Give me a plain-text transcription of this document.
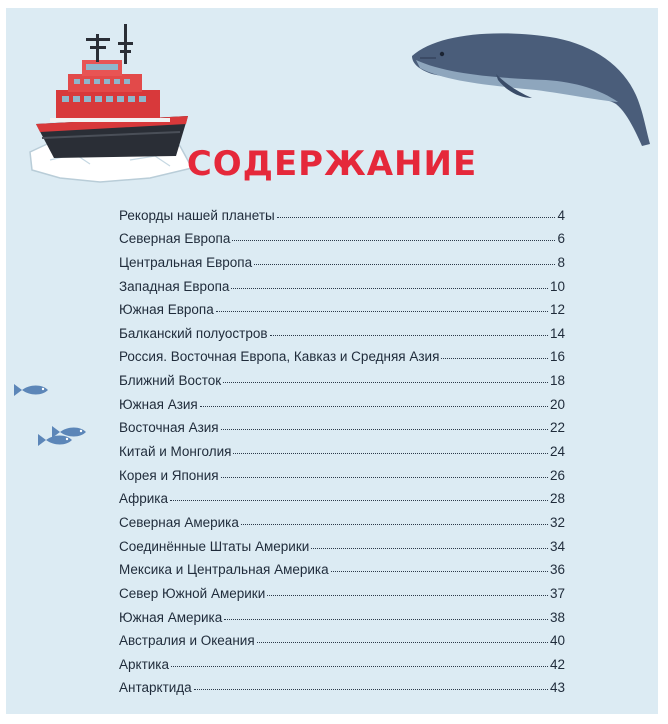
СОДЕРЖАНИЕ
Рекорды нашей планеты	4
Северная Европа	6
Центральная Европа	8
Западная Европа	10
Южная Европа	12
Балканский полуостров	14
Россия. Восточная Европа, Кавказ и Средняя Азия	16
Ближний Восток	18
Южная Азия	20
Восточная Азия	22
Китай и Монголия	24
Корея и Япония	26
Африка	28
Северная Америка	32
Соединённые Штаты Америки	34
Мексика и Центральная Америка	36
Север Южной Америки	37
Южная Америка	38
Австралия и Океания	40
Арктика	42
Антарктида	43
